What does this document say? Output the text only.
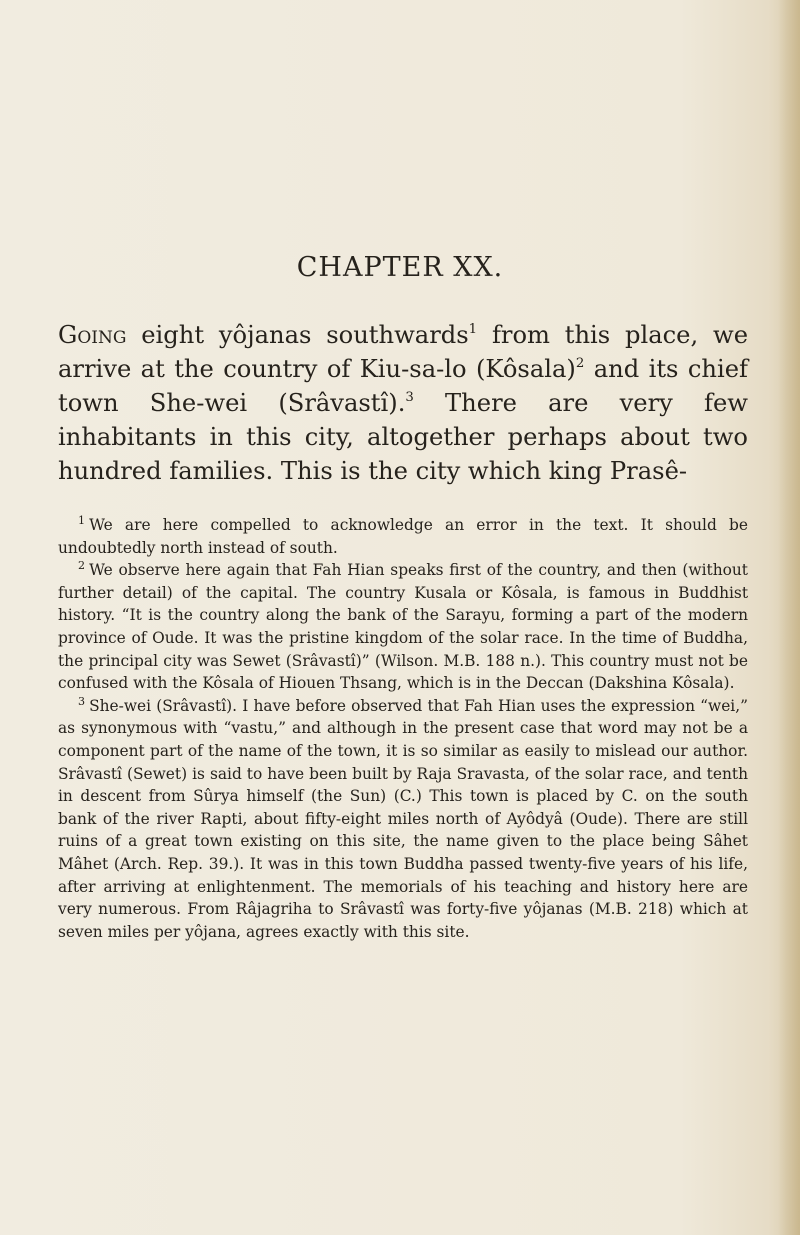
CHAPTER XX.

Going eight yôjanas southwards$^1$ from this place, we arrive at the country of Kiu-sa-lo (Kôsala)$^2$ and its chief town She-wei (Srâvastî).$^3$ There are very few inhabitants in this city, altogether perhaps about two hundred families. This is the city which king Prasê-

$^1$ We are here compelled to acknowledge an error in the text. It should be undoubtedly north instead of south.

$^2$ We observe here again that Fah Hian speaks first of the country, and then (without further detail) of the capital. The country Kusala or Kôsala, is famous in Buddhist history. “It is the country along the bank of the Sarayu, forming a part of the modern province of Oude. It was the pristine kingdom of the solar race. In the time of Buddha, the principal city was Sewet (Srâvastî)” (Wilson. M.B. 188 n.). This country must not be confused with the Kôsala of Hiouen Thsang, which is in the Deccan (Dakshina Kôsala).

$^3$ She-wei (Srâvastî). I have before observed that Fah Hian uses the expression “wei,” as synonymous with “vastu,” and although in the present case that word may not be a component part of the name of the town, it is so similar as easily to mislead our author. Srâvastî (Sewet) is said to have been built by Raja Sravasta, of the solar race, and tenth in descent from Sûrya himself (the Sun) (C.) This town is placed by C. on the south bank of the river Rapti, about fifty-eight miles north of Ayôdyâ (Oude). There are still ruins of a great town existing on this site, the name given to the place being Sâhet Mâhet (Arch. Rep. 39.). It was in this town Buddha passed twenty-five years of his life, after arriving at enlightenment. The memorials of his teaching and history here are very numerous. From Râjagriha to Srâvastî was forty-five yôjanas (M.B. 218) which at seven miles per yôjana, agrees exactly with this site.
